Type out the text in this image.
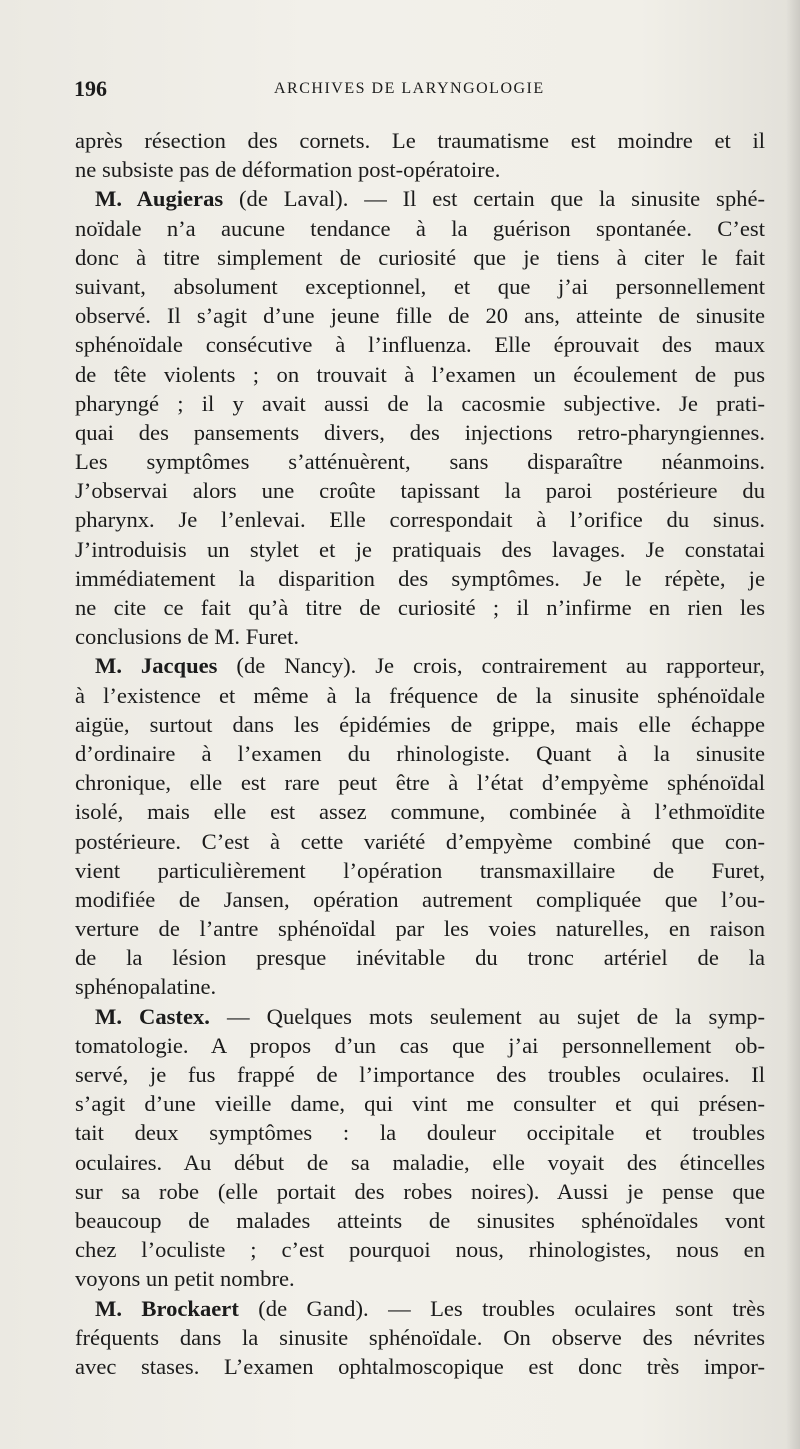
196	ARCHIVES DE LARYNGOLOGIE
après résection des cornets. Le traumatisme est moindre et il
ne subsiste pas de déformation post-opératoire.
M. Augieras (de Laval). — Il est certain que la sinusite sphé-
noïdale n’a aucune tendance à la guérison spontanée. C’est
donc à titre simplement de curiosité que je tiens à citer le fait
suivant, absolument exceptionnel, et que j’ai personnellement
observé. Il s’agit d’une jeune fille de 20 ans, atteinte de sinusite
sphénoïdale consécutive à l’influenza. Elle éprouvait des maux
de tête violents ; on trouvait à l’examen un écoulement de pus
pharyngé ; il y avait aussi de la cacosmie subjective. Je prati-
quai des pansements divers, des injections retro-pharyngiennes.
Les symptômes s’atténuèrent, sans disparaître néanmoins.
J’observai alors une croûte tapissant la paroi postérieure du
pharynx. Je l’enlevai. Elle correspondait à l’orifice du sinus.
J’introduisis un stylet et je pratiquais des lavages. Je constatai
immédiatement la disparition des symptômes. Je le répète, je
ne cite ce fait qu’à titre de curiosité ; il n’infirme en rien les
conclusions de M. Furet.
M. Jacques (de Nancy). Je crois, contrairement au rapporteur,
à l’existence et même à la fréquence de la sinusite sphénoïdale
aigüe, surtout dans les épidémies de grippe, mais elle échappe
d’ordinaire à l’examen du rhinologiste. Quant à la sinusite
chronique, elle est rare peut être à l’état d’empyème sphénoïdal
isolé, mais elle est assez commune, combinée à l’ethmoïdite
postérieure. C’est à cette variété d’empyème combiné que con-
vient particulièrement l’opération transmaxillaire de Furet,
modifiée de Jansen, opération autrement compliquée que l’ou-
verture de l’antre sphénoïdal par les voies naturelles, en raison
de la lésion presque inévitable du tronc artériel de la
sphénopalatine.
M. Castex. — Quelques mots seulement au sujet de la symp-
tomatologie. A propos d’un cas que j’ai personnellement ob-
servé, je fus frappé de l’importance des troubles oculaires. Il
s’agit d’une vieille dame, qui vint me consulter et qui présen-
tait deux symptômes : la douleur occipitale et troubles
oculaires. Au début de sa maladie, elle voyait des étincelles
sur sa robe (elle portait des robes noires). Aussi je pense que
beaucoup de malades atteints de sinusites sphénoïdales vont
chez l’oculiste ; c’est pourquoi nous, rhinologistes, nous en
voyons un petit nombre.
M. Brockaert (de Gand). — Les troubles oculaires sont très
fréquents dans la sinusite sphénoïdale. On observe des névrites
avec stases. L’examen ophtalmoscopique est donc très impor-
